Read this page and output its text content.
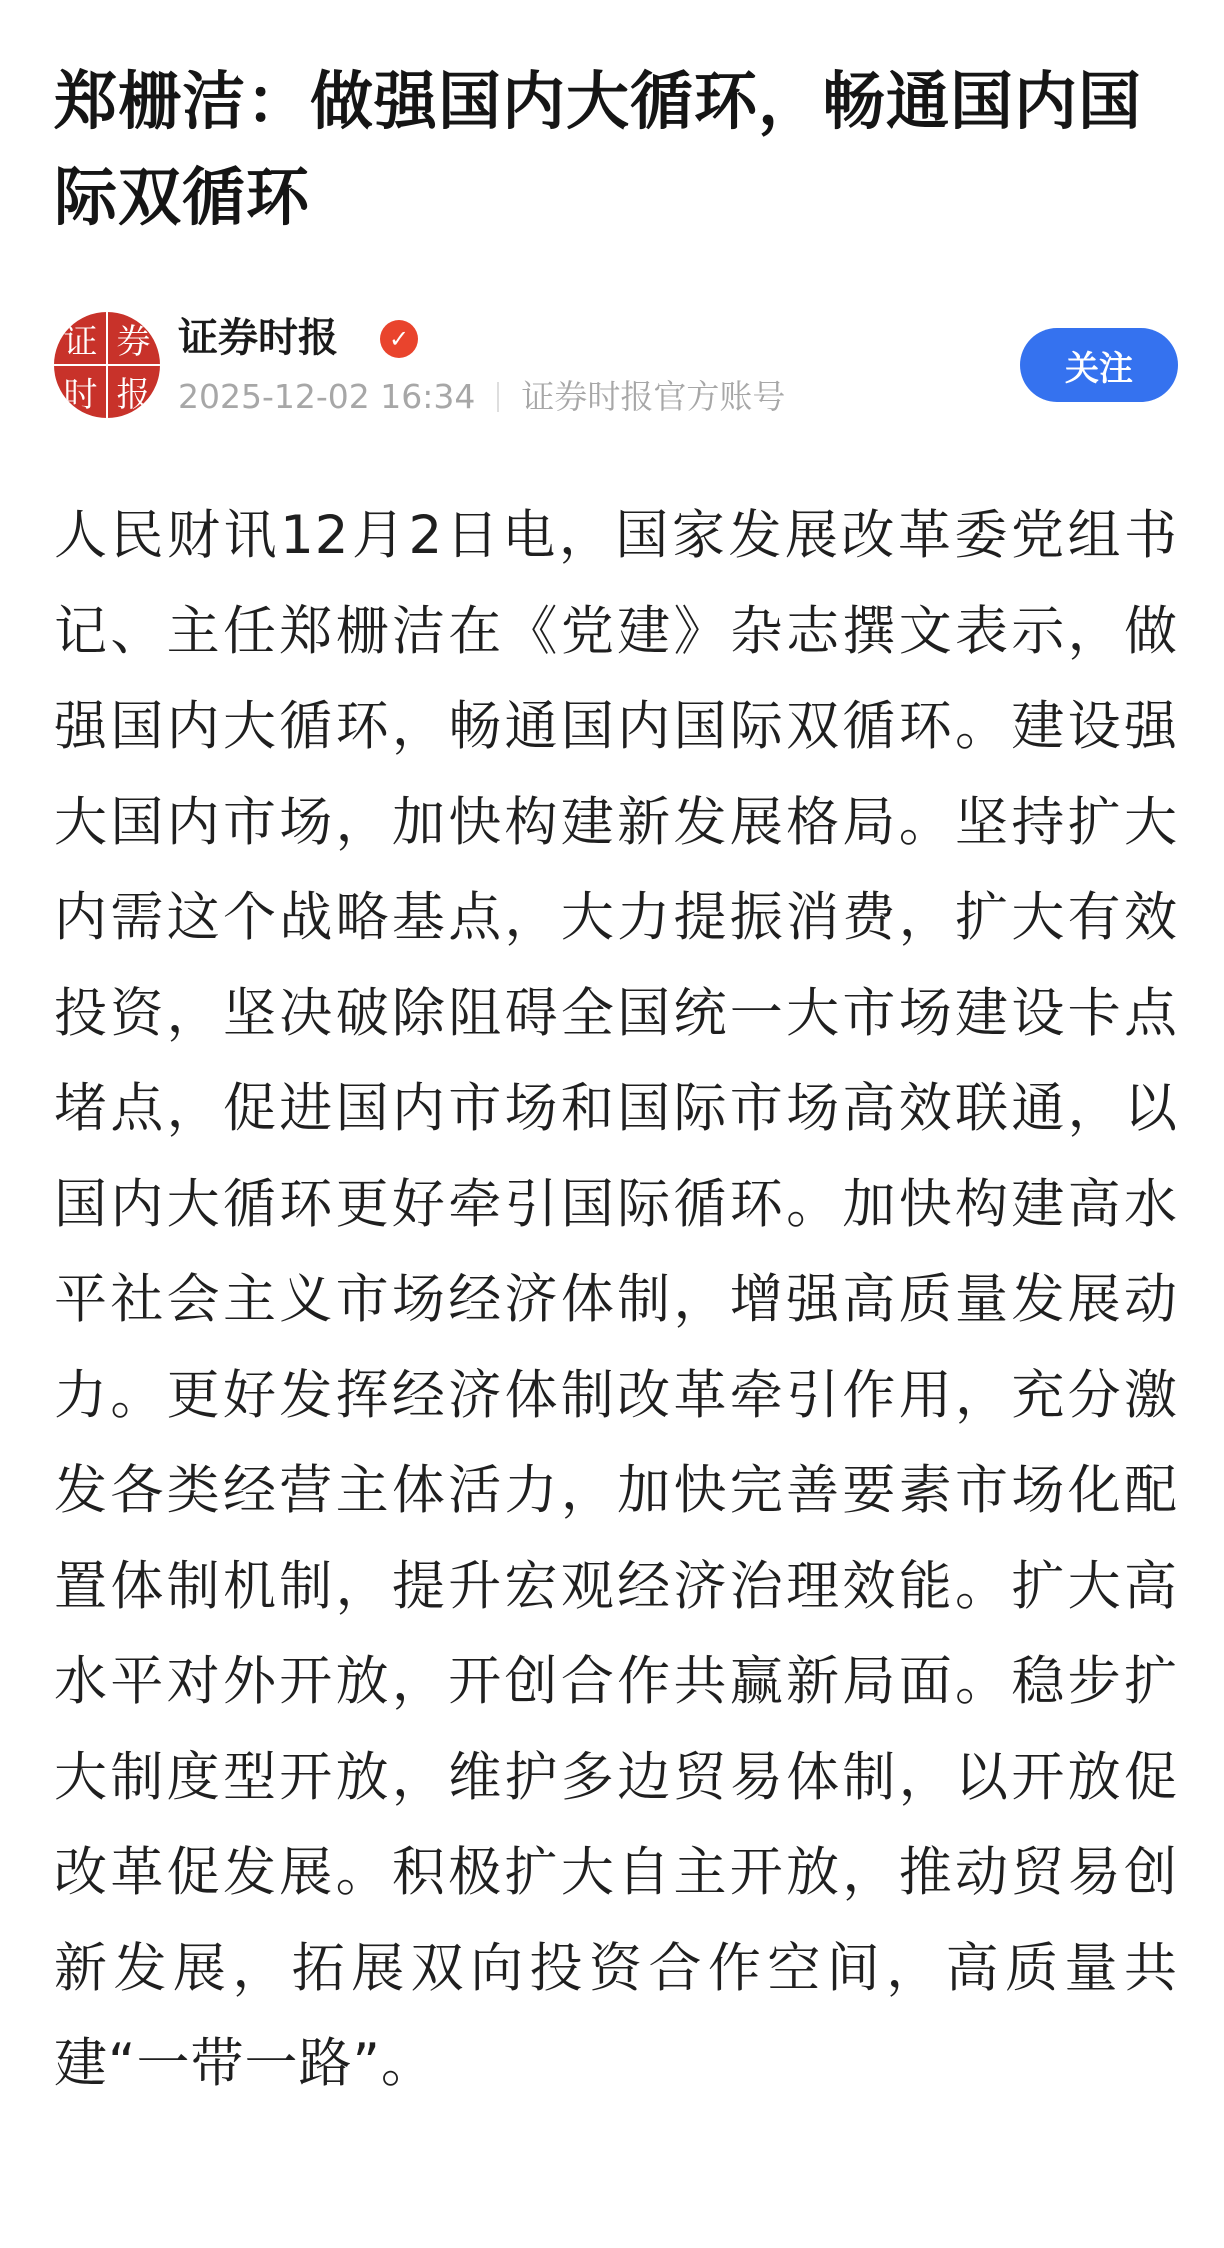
郑栅洁：做强国内大循环，畅通国内国际双循环
证 券
时 报
证券时报	✓
2025-12-02 16:34 证券时报官方账号
关注

人民财讯12月2日电，国家发展改革委党组书记、主任郑栅洁在《党建》杂志撰文表示，做强国内大循环，畅通国内国际双循环。建设强大国内市场，加快构建新发展格局。坚持扩大内需这个战略基点，大力提振消费，扩大有效投资，坚决破除阻碍全国统一大市场建设卡点堵点，促进国内市场和国际市场高效联通，以国内大循环更好牵引国际循环。加快构建高水平社会主义市场经济体制，增强高质量发展动力。更好发挥经济体制改革牵引作用，充分激发各类经营主体活力，加快完善要素市场化配置体制机制，提升宏观经济治理效能。扩大高水平对外开放，开创合作共赢新局面。稳步扩大制度型开放，维护多边贸易体制，以开放促改革促发展。积极扩大自主开放，推动贸易创新发展，拓展双向投资合作空间，高质量共建“一带一路”。
